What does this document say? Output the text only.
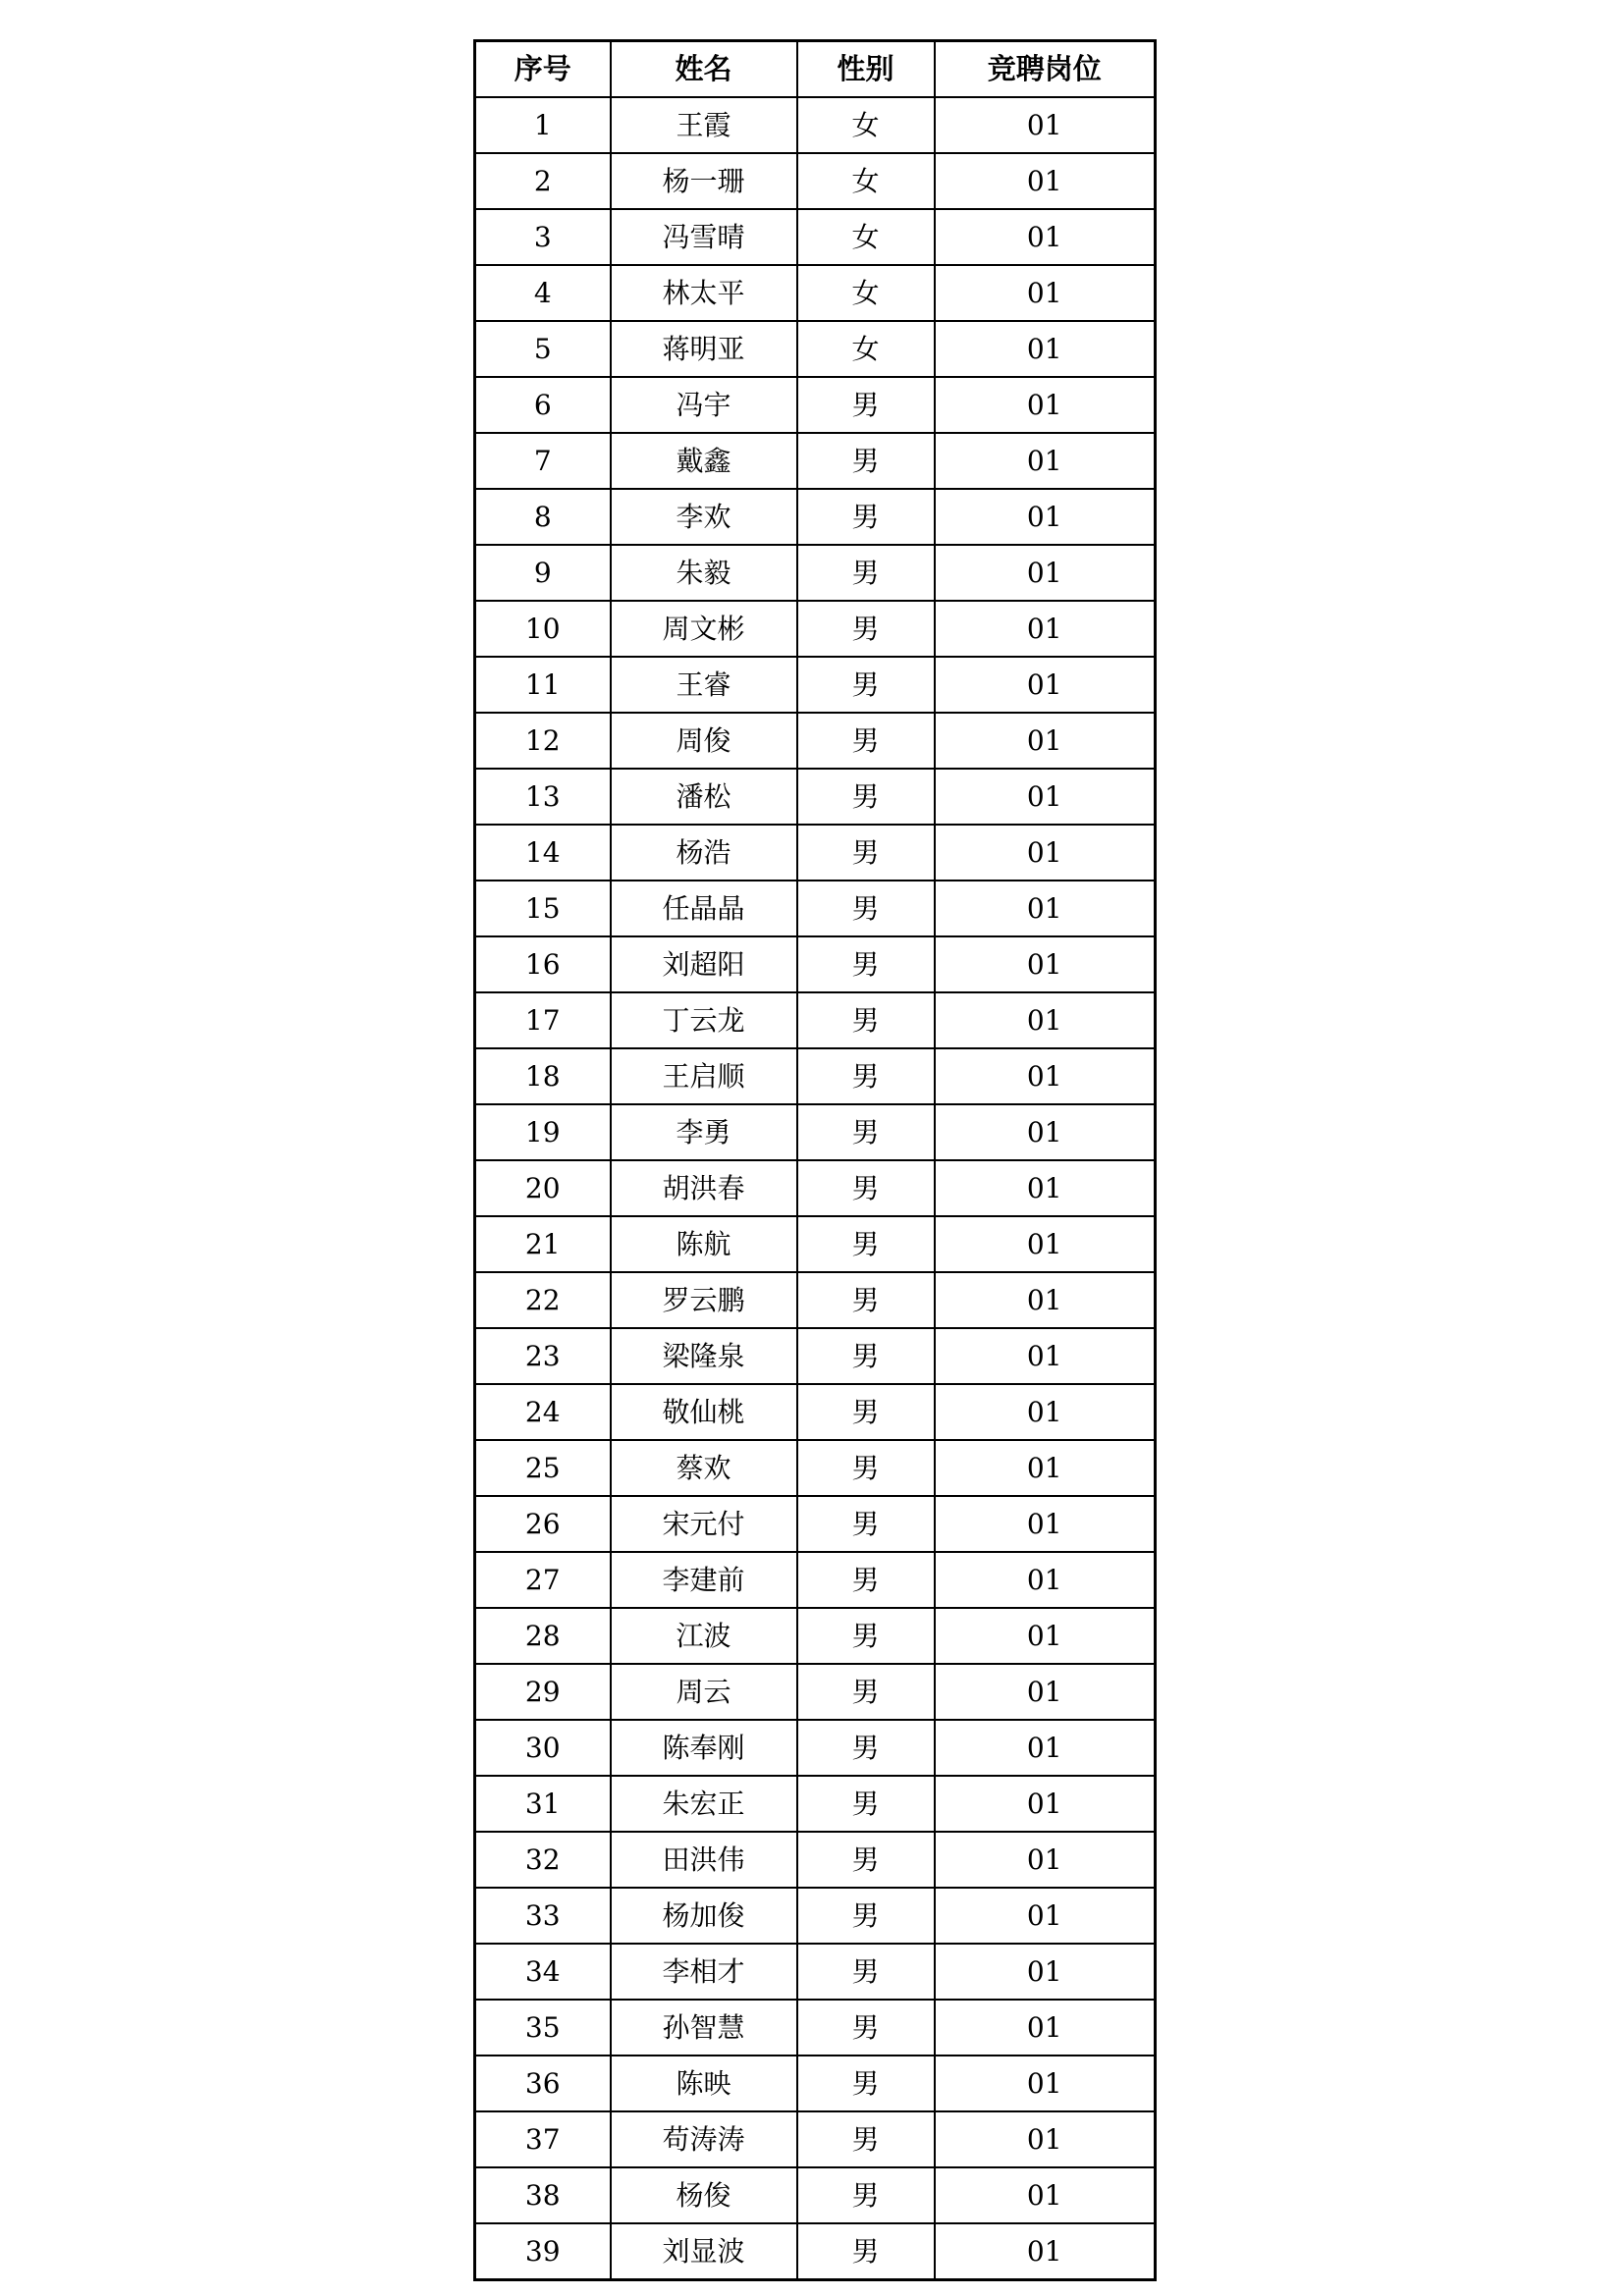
序号	姓名	性别	竞聘岗位
1	王霞	女	01
2	杨一珊	女	01
3	冯雪晴	女	01
4	林太平	女	01
5	蒋明亚	女	01
6	冯宇	男	01
7	戴鑫	男	01
8	李欢	男	01
9	朱毅	男	01
10	周文彬	男	01
11	王睿	男	01
12	周俊	男	01
13	潘松	男	01
14	杨浩	男	01
15	任晶晶	男	01
16	刘超阳	男	01
17	丁云龙	男	01
18	王启顺	男	01
19	李勇	男	01
20	胡洪春	男	01
21	陈航	男	01
22	罗云鹏	男	01
23	梁隆泉	男	01
24	敬仙桃	男	01
25	蔡欢	男	01
26	宋元付	男	01
27	李建前	男	01
28	江波	男	01
29	周云	男	01
30	陈奉刚	男	01
31	朱宏正	男	01
32	田洪伟	男	01
33	杨加俊	男	01
34	李相才	男	01
35	孙智慧	男	01
36	陈映	男	01
37	苟涛涛	男	01
38	杨俊	男	01
39	刘显波	男	01
